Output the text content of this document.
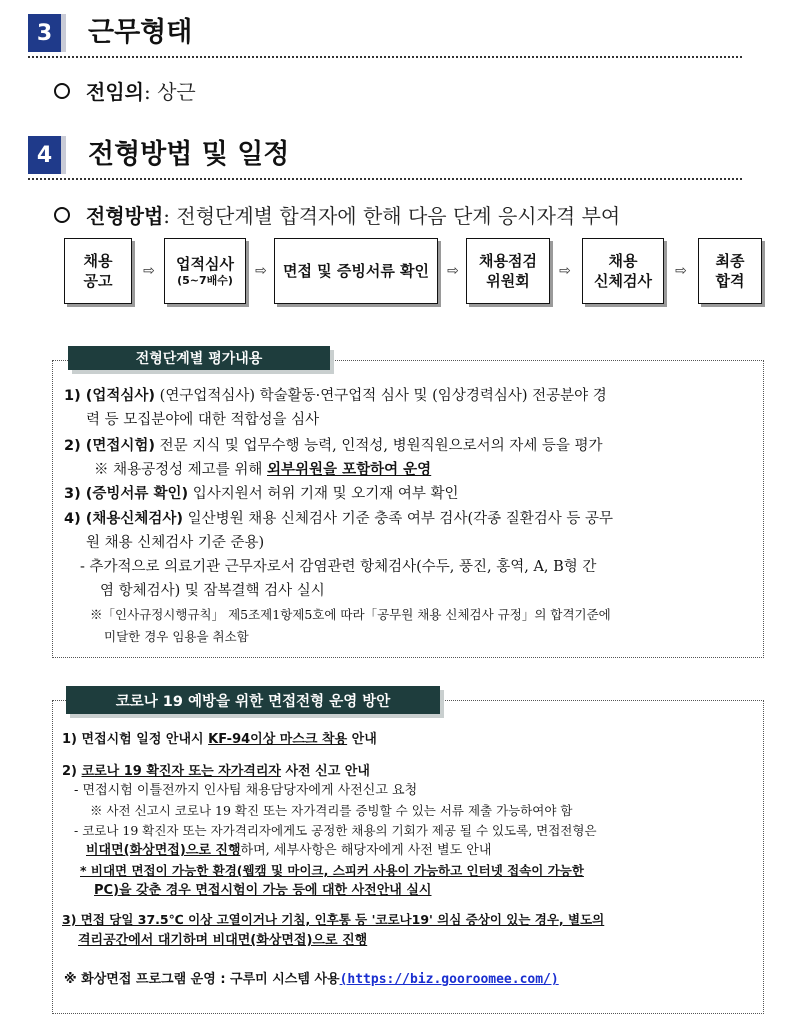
3	근무형태
전임의 : 상근
4	전형방법 및 일정
전형방법 : 전형단계별 합격자에 한해 다음 단계 응시자격 부여
채용
공고
⇨ 업적심사
(5~7배수)
⇨ 면접 및 증빙서류 확인 ⇨
채용점검
위원회
⇨
채용
신체검사
⇨
최종
합격
전형단계별 평가내용
1) (업적심사) (연구업적심사) 학술활동·연구업적 심사 및 (임상경력심사) 전공분야 경
력 등 모집분야에 대한 적합성을 심사
2) (면접시험) 전문 지식 및 업무수행 능력, 인적성, 병원직원으로서의 자세 등을 평가
※ 채용공정성 제고를 위해 외부위원을 포함하여 운영
3) (증빙서류 확인) 입사지원서 허위 기재 및 오기재 여부 확인
4) (채용신체검사) 일산병원 채용 신체검사 기준 충족 여부 검사(각종 질환검사 등 공무
원 채용 신체검사 기준 준용)
- 추가적으로 의료기관 근무자로서 감염관련 항체검사(수두, 풍진, 홍역, A, B형 간
염 항체검사) 및 잠복결핵 검사 실시
※「인사규정시행규칙」 제5조제1항제5호에 따라「공무원 채용 신체검사 규정」의 합격기준에
미달한 경우 임용을 취소함
코로나 19 예방을 위한 면접전형 운영 방안
1) 면접시험 일정 안내시 KF-94이상 마스크 착용 안내
2) 코로나 19 확진자 또는 자가격리자 사전 신고 안내
- 면접시험 이틀전까지 인사팀 채용담당자에게 사전신고 요청
※ 사전 신고시 코로나 19 확진 또는 자가격리를 증빙할 수 있는 서류 제출 가능하여야 함
- 코로나 19 확진자 또는 자가격리자에게도 공정한 채용의 기회가 제공 될 수 있도록, 면접전형은
비대면(화상면접)으로 진행하며, 세부사항은 해당자에게 사전 별도 안내
* 비대면 면접이 가능한 환경(웹캠 및 마이크, 스피커 사용이 가능하고 인터넷 접속이 가능한
PC)을 갖춘 경우 면접시험이 가능 등에 대한 사전안내 실시
3) 면접 당일 37.5℃ 이상 고열이거나 기침, 인후통 등 '코로나19' 의심 증상이 있는 경우, 별도의
격리공간에서 대기하며 비대면(화상면접)으로 진행
※ 화상면접 프로그램 운영 : 구루미 시스템 사용(https://biz.gooroomee.com/)
